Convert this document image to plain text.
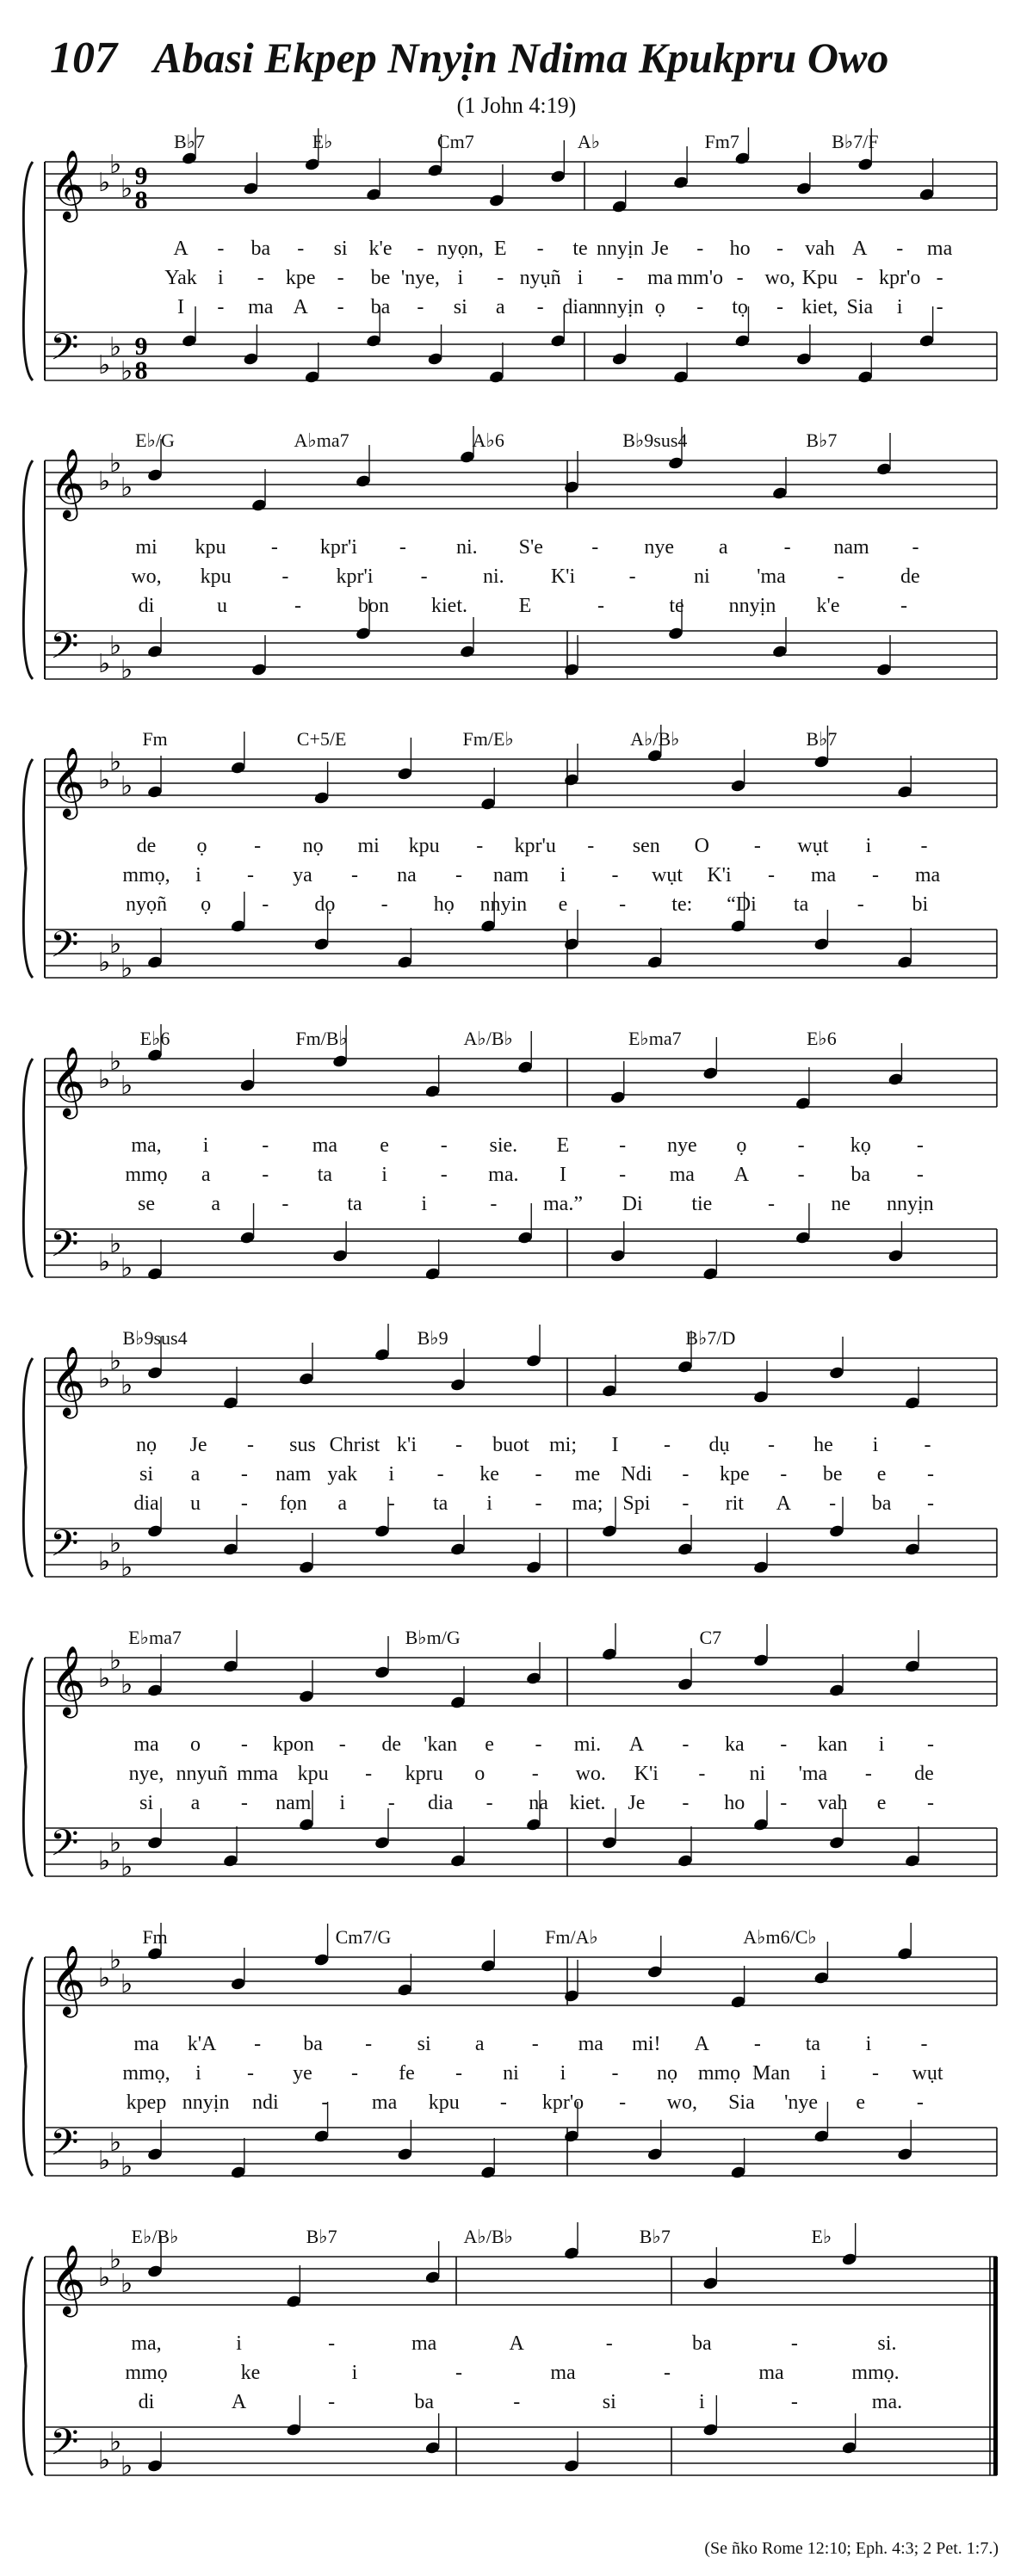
107 Abasi Ekpep Nnyịn Ndima Kpukpru Owo
(1 John 4:19)
𝄞 ♭
♭
♭ 9
8
𝄢 ♭
♭
♭
9
8
B♭7	E♭	Cm7	A♭	Fm7	B♭7/F
A - ba - si k'e - nyọn, E - te nnyịn Je - ho - vah A - ma
Yak i - kpe - be 'nye, i - nyụñ i - ma mm'o - wo, Kpu - kpr'o -
I - ma A - ba - si a - dian
nnyịn ọ - tọ - kiet, Sia i -
𝄞 ♭
♭
♭
𝄢 ♭
♭
♭
E♭/G	A♭ma7	A♭6	B♭9sus4	B♭7
mi kpu - kpr'i - ni. S'e - nye a	- nam -
wo, kpu - kpr'i -	ni. K'i	-	ni 'ma -	de
di	u	-	bon kiet. E	-	te nnyịn k'e	-
𝄞 ♭
♭
♭
𝄢 ♭
♭
♭
Fm	C+5/E	Fm/E♭	A♭/B♭	B♭7
de ọ - nọ mi kpu - kpr'u - sen O - wụt i -
mmọ, i - ya - na - nam i - wụt K'i - ma - ma
nyọñ ọ - dọ - họ nnyin e - te: “Di ta - bi
𝄞 ♭
♭
♭
𝄢 ♭
♭
♭
E♭6	Fm/B♭	A♭/B♭	E♭ma7	E♭6
ma, i	- ma e - sie. E - nye ọ - kọ -
mmọ a - ta i	- ma. I	- ma A - ba -
se	a	-	ta	i	- ma.” Di tie	-	ne nnyịn
𝄞 ♭
♭
♭
𝄢 ♭
♭
♭
B♭9sus4	B♭9	B♭7/D
nọ Je - sus Christ k'i - buot mi; I - dụ - he i -
si a - nam yak i - ke - me Ndi - kpe - be e -
dia u - fọn a - ta i - ma; Spi - rit A - ba -
𝄞 ♭
♭
♭
𝄢 ♭
♭
♭
E♭ma7	B♭m/G	C7
ma o - kpon - de 'kan e - mi. A - ka - kan i -
nye, nnyuñ mma kpu - kpru o - wo. K'i - ni 'ma - de
si a - nam i - dia - na kiet. Je - ho - vah e -
𝄞 ♭
♭
♭
𝄢 ♭
♭
♭
Fm	Cm7/G	Fm/A♭	A♭m6/C♭
ma k'A - ba - si a - ma mi! A - ta i -
mmọ, i - ye - fe - ni i - nọ mmọ Man i - wụt
kpep nnyịn ndi - ma kpu - kpr'o - wo, Sia 'nye e -
𝄞 ♭
♭
♭
𝄢 ♭
♭
♭
E♭/B♭	B♭7	A♭/B♭	B♭7	E♭
ma,	i	-	ma	A	-	ba	-	si.
mmọ	ke	i	-	ma	-	ma	mmọ.
di	A	-	ba	-	si	i	-	ma.
(Se ñko Rome 12:10; Eph. 4:3; 2 Pet. 1:7.)
